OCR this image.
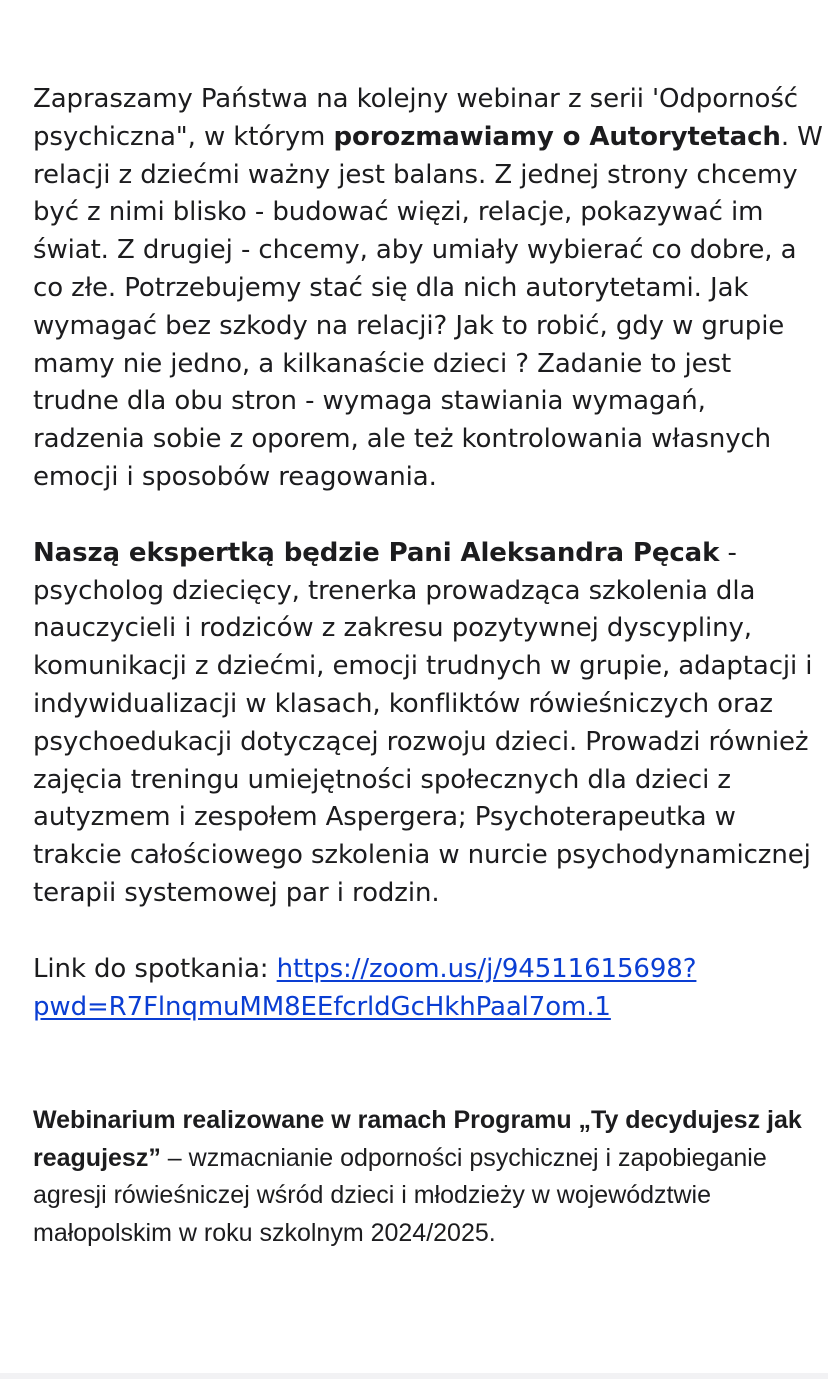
Zapraszamy Państwa na kolejny webinar z serii 'Odporność psychiczna", w którym porozmawiamy o Autorytetach. W relacji z dziećmi ważny jest balans. Z jednej strony chcemy być z nimi blisko - budować więzi, relacje, pokazywać im świat. Z drugiej - chcemy, aby umiały wybierać co dobre, a co złe. Potrzebujemy stać się dla nich autorytetami. Jak wymagać bez szkody na relacji? Jak to robić, gdy w grupie mamy nie jedno, a kilkanaście dzieci ? Zadanie to jest trudne dla obu stron - wymaga stawiania wymagań, radzenia sobie z oporem, ale też kontrolowania własnych emocji i sposobów reagowania.

Naszą ekspertką będzie Pani Aleksandra Pęcak - psycholog dziecięcy, trenerka prowadząca szkolenia dla nauczycieli i rodziców z zakresu pozytywnej dyscypliny, komunikacji z dziećmi, emocji trudnych w grupie, adaptacji i indywidualizacji w klasach, konfliktów rówieśniczych oraz psychoedukacji dotyczącej rozwoju dzieci. Prowadzi również zajęcia treningu umiejętności społecznych dla dzieci z autyzmem i zespołem Aspergera; Psychoterapeutka w trakcie całościowego szkolenia w nurcie psychodynamicznej terapii systemowej par i rodzin.

Link do spotkania: https://zoom.us/j/94511615698?
pwd=R7FlnqmuMM8EEfcrldGcHkhPaal7om.1

Webinarium realizowane w ramach Programu „Ty decydujesz jak reagujesz” – wzmacnianie odporności psychicznej i zapobieganie agresji rówieśniczej wśród dzieci i młodzieży w województwie małopolskim w roku szkolnym 2024/2025.
